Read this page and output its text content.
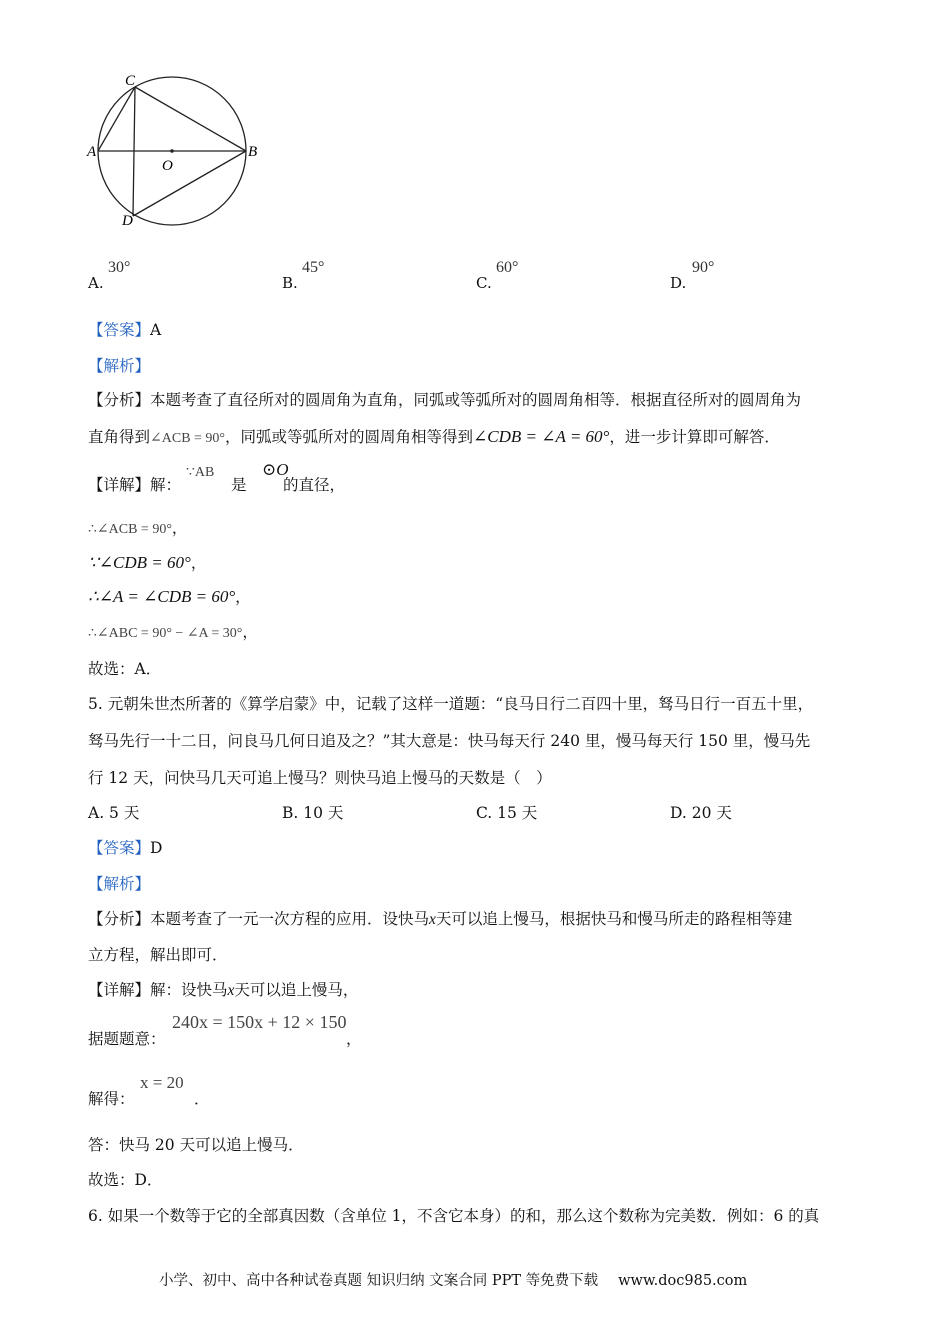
C
A
O
B
D
A.
30°
B.
45°
C.
60°
D.
90°
【答案】A
【解析】
【分析】本题考查了直径所对的圆周角为直角，同弧或等弧所对的圆周角相等．根据直径所对的圆周角为
直角得到∠ACB = 90°，同弧或等弧所对的圆周角相等得到∠CDB = ∠A = 60°，进一步计算即可解答．
【详解】解：
∵AB
是
⊙O
的直径，
∴∠ACB = 90°，
∵∠CDB = 60°，
∴∠A = ∠CDB = 60°，
∴∠ABC = 90° − ∠A = 30°，
故选：A．
5. 元朝朱世杰所著的《算学启蒙》中，记载了这样一道题：“良马日行二百四十里，驽马日行一百五十里，
驽马先行一十二日，问良马几何日追及之？”其大意是：快马每天行 240 里，慢马每天行 150 里，慢马先
行 12 天，问快马几天可追上慢马？则快马追上慢马的天数是（　）
A. 5 天	B. 10 天	C. 15 天	D. 20 天
【答案】D
【解析】
【分析】本题考查了一元一次方程的应用．设快马x天可以追上慢马，根据快马和慢马所走的路程相等建
立方程，解出即可．
【详解】解：设快马x天可以追上慢马，
据题题意：
240x = 150x + 12 × 150
，
解得：
x = 20
．
答：快马 20 天可以追上慢马．
故选：D．
6. 如果一个数等于它的全部真因数（含单位 1，不含它本身）的和，那么这个数称为完美数．例如：6 的真
小学、初中、高中各种试卷真题 知识归纳 文案合同 PPT 等免费下载 www.doc985.com
